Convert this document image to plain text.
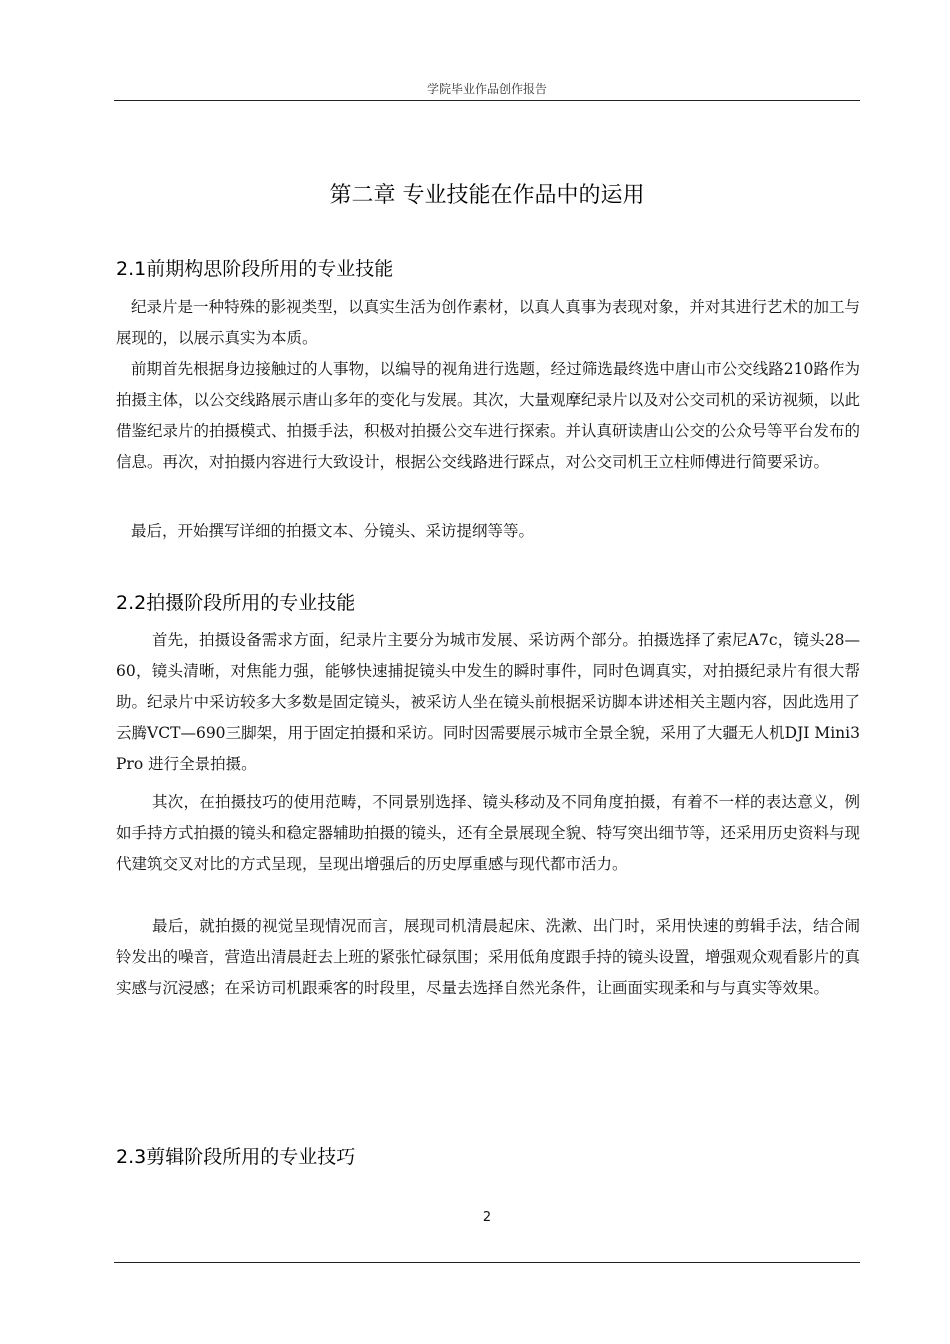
学院毕业作品创作报告
第二章 专业技能在作品中的运用
2.1前期构思阶段所用的专业技能

纪录片是一种特殊的影视类型，以真实生活为创作素材，以真人真事为表现对象，并对其进行艺术的加工与展现的，以展示真实为本质。

前期首先根据身边接触过的人事物，以编导的视角进行选题，经过筛选最终选中唐山市公交线路210路作为拍摄主体，以公交线路展示唐山多年的变化与发展。其次，大量观摩纪录片以及对公交司机的采访视频，以此借鉴纪录片的拍摄模式、拍摄手法，积极对拍摄公交车进行探索。并认真研读唐山公交的公众号等平台发布的信息。再次，对拍摄内容进行大致设计，根据公交线路进行踩点，对公交司机王立柱师傅进行简要采访。

最后，开始撰写详细的拍摄文本、分镜头、采访提纲等等。

2.2拍摄阶段所用的专业技能

首先，拍摄设备需求方面，纪录片主要分为城市发展、采访两个部分。拍摄选择了索尼A7c，镜头28—60，镜头清晰，对焦能力强，能够快速捕捉镜头中发生的瞬时事件，同时色调真实，对拍摄纪录片有很大帮助。纪录片中采访较多大多数是固定镜头，被采访人坐在镜头前根据采访脚本讲述相关主题内容，因此选用了云腾VCT—690三脚架，用于固定拍摄和采访。同时因需要展示城市全景全貌，采用了大疆无人机DJI Mini3 Pro 进行全景拍摄。

其次，在拍摄技巧的使用范畴，不同景别选择、镜头移动及不同角度拍摄，有着不一样的表达意义，例如手持方式拍摄的镜头和稳定器辅助拍摄的镜头，还有全景展现全貌、特写突出细节等，还采用历史资料与现代建筑交叉对比的方式呈现，呈现出增强后的历史厚重感与现代都市活力。

最后，就拍摄的视觉呈现情况而言，展现司机清晨起床、洗漱、出门时，采用快速的剪辑手法，结合闹铃发出的噪音，营造出清晨赶去上班的紧张忙碌氛围；采用低角度跟手持的镜头设置，增强观众观看影片的真实感与沉浸感；在采访司机跟乘客的时段里，尽量去选择自然光条件，让画面实现柔和与与真实等效果。

2.3剪辑阶段所用的专业技巧
2
